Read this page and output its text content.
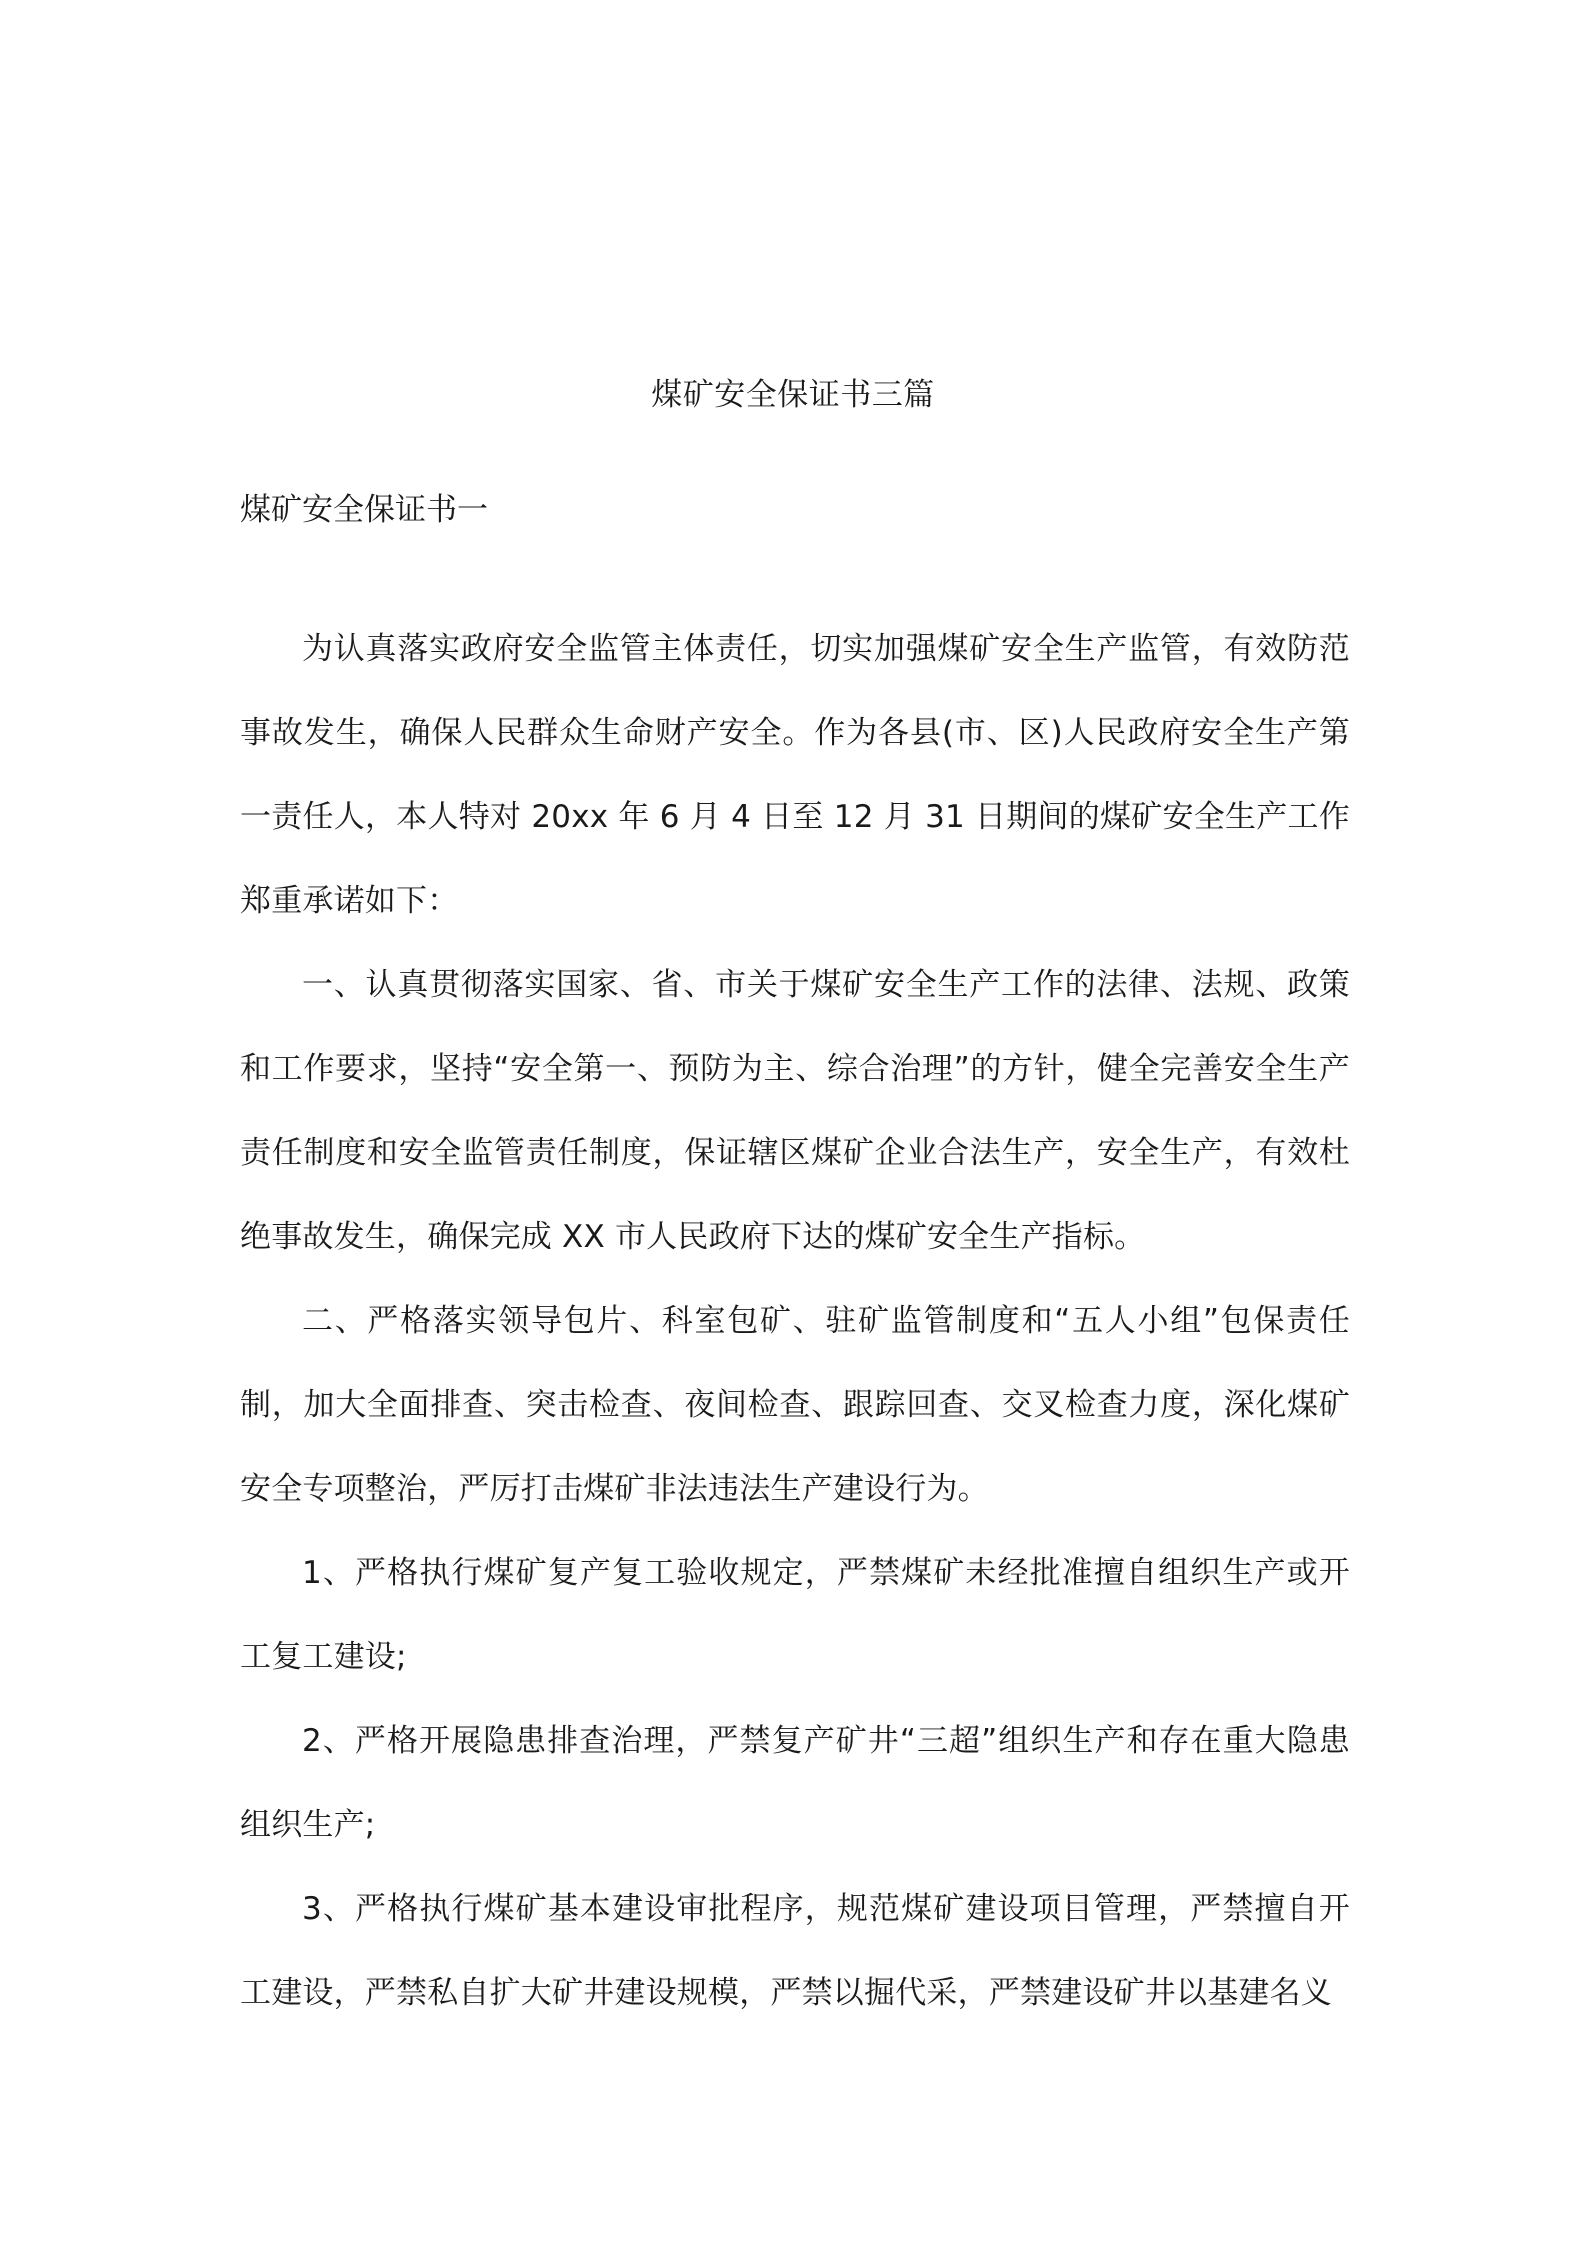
煤矿安全保证书三篇
煤矿安全保证书一

为认真落实政府安全监管主体责任，切实加强煤矿安全生产监管，有效防范事故发生，确保人民群众生命财产安全。作为各县(市、区)人民政府安全生产第一责任人，本人特对 20xx 年 6 月 4 日至 12 月 31 日期间的煤矿安全生产工作郑重承诺如下：

一、认真贯彻落实国家、省、市关于煤矿安全生产工作的法律、法规、政策和工作要求，坚持“安全第一、预防为主、综合治理”的方针，健全完善安全生产责任制度和安全监管责任制度，保证辖区煤矿企业合法生产，安全生产，有效杜绝事故发生，确保完成 XX 市人民政府下达的煤矿安全生产指标。

二、严格落实领导包片、科室包矿、驻矿监管制度和“五人小组”包保责任制，加大全面排查、突击检查、夜间检查、跟踪回查、交叉检查力度，深化煤矿安全专项整治，严厉打击煤矿非法违法生产建设行为。

1、严格执行煤矿复产复工验收规定，严禁煤矿未经批准擅自组织生产或开工复工建设;

2、严格开展隐患排查治理，严禁复产矿井“三超”组织生产和存在重大隐患组织生产;

3、严格执行煤矿基本建设审批程序，规范煤矿建设项目管理，严禁擅自开工建设，严禁私自扩大矿井建设规模，严禁以掘代采，严禁建设矿井以基建名义
